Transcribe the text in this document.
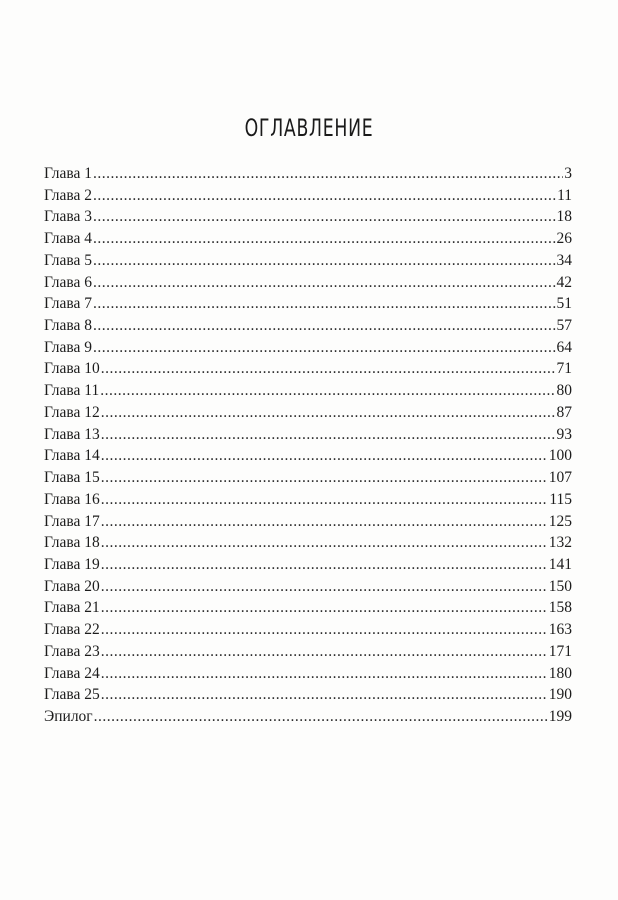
ОГЛАВЛЕНИЕ
Глава 1 .....	3
Глава 2 .....	11
Глава 3 .....	18
Глава 4 .....	26
Глава 5 .....	34
Глава 6 .....	42
Глава 7 .....	51
Глава 8 .....	57
Глава 9 .....	64
Глава 10 .....	71
Глава 11 .....	80
Глава 12 .....	87
Глава 13 .....	93
Глава 14 .....	100
Глава 15 .....	107
Глава 16 .....	115
Глава 17 .....	125
Глава 18 .....	132
Глава 19 .....	141
Глава 20 .....	150
Глава 21 .....	158
Глава 22 .....	163
Глава 23 .....	171
Глава 24 .....	180
Глава 25 .....	190
Эпилог .....	199
